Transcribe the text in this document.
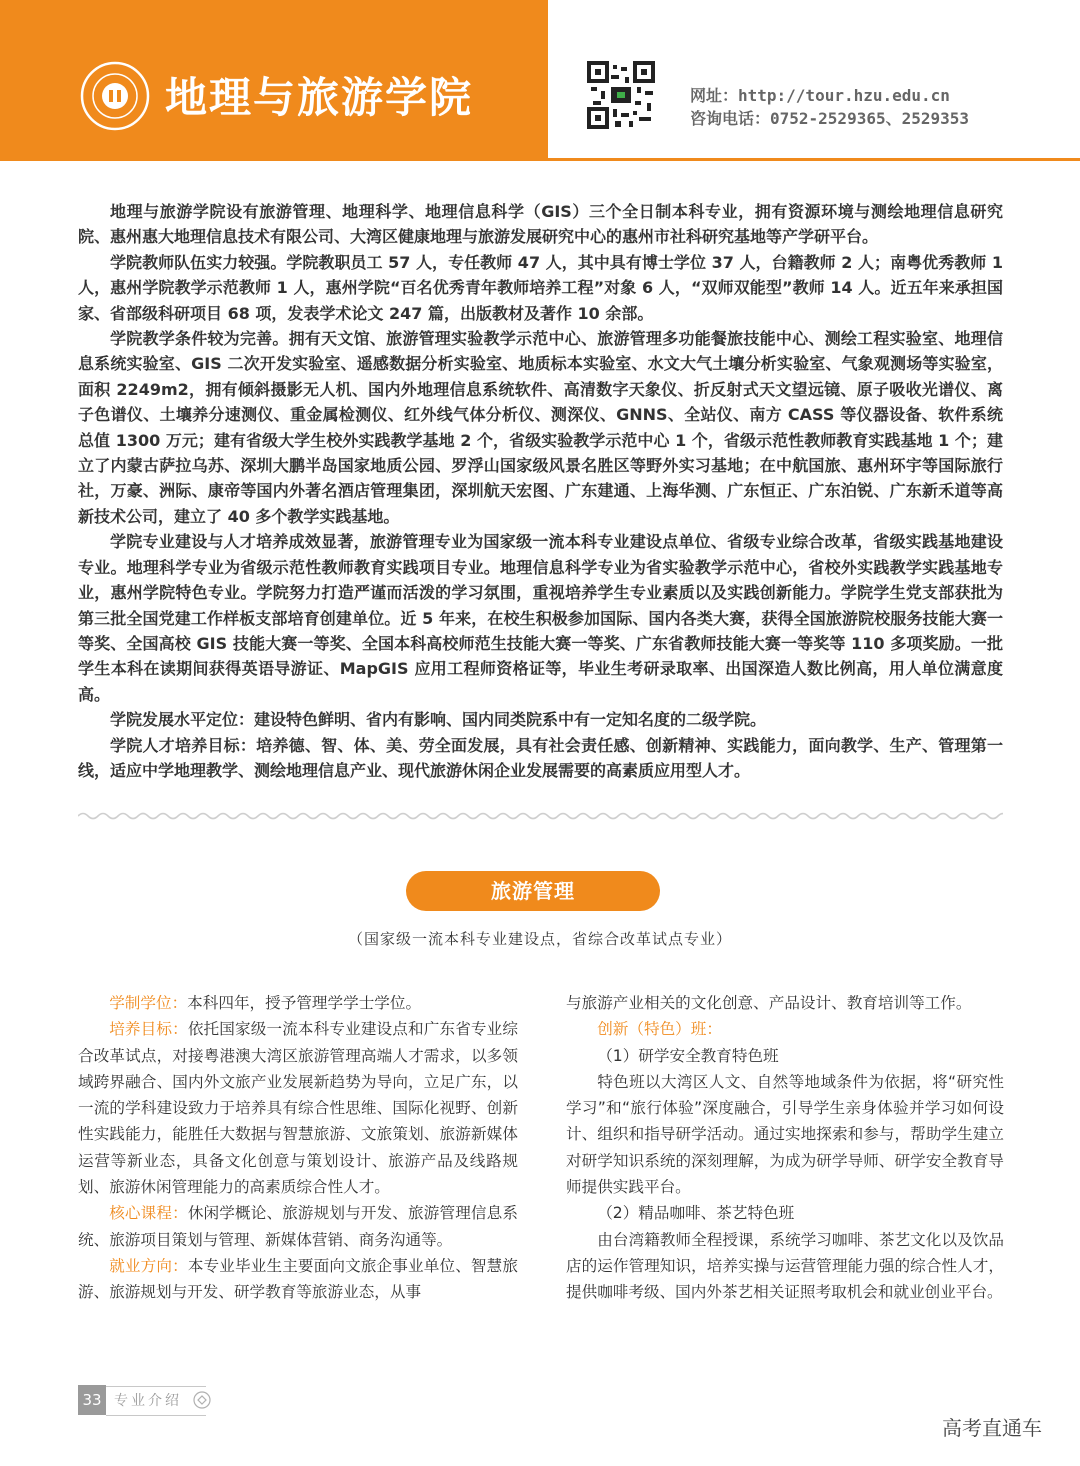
地理与旅游学院	网址：http://tour.hzu.edu.cn
咨询电话：0752-2529365、2529353

地理与旅游学院设有旅游管理、地理科学、地理信息科学（GIS）三个全日制本科专业，拥有资源环境与测绘地理信息研究院、惠州惠大地理信息技术有限公司、大湾区健康地理与旅游发展研究中心的惠州市社科研究基地等产学研平台。

学院教师队伍实力较强。学院教职员工 57 人，专任教师 47 人，其中具有博士学位 37 人，台籍教师 2 人；南粤优秀教师 1 人，惠州学院教学示范教师 1 人，惠州学院“百名优秀青年教师培养工程”对象 6 人，“双师双能型”教师 14 人。近五年来承担国家、省部级科研项目 68 项，发表学术论文 247 篇，出版教材及著作 10 余部。

学院教学条件较为完善。拥有天文馆、旅游管理实验教学示范中心、旅游管理多功能餐旅技能中心、测绘工程实验室、地理信息系统实验室、GIS 二次开发实验室、遥感数据分析实验室、地质标本实验室、水文大气土壤分析实验室、气象观测场等实验室，面积 2249m2，拥有倾斜摄影无人机、国内外地理信息系统软件、高清数字天象仪、折反射式天文望远镜、原子吸收光谱仪、离子色谱仪、土壤养分速测仪、重金属检测仪、红外线气体分析仪、测深仪、GNNS、全站仪、南方 CASS 等仪器设备、软件系统总值 1300 万元；建有省级大学生校外实践教学基地 2 个，省级实验教学示范中心 1 个，省级示范性教师教育实践基地 1 个；建立了内蒙古萨拉乌苏、深圳大鹏半岛国家地质公园、罗浮山国家级风景名胜区等野外实习基地；在中航国旅、惠州环宇等国际旅行社，万豪、洲际、康帝等国内外著名酒店管理集团，深圳航天宏图、广东建通、上海华测、广东恒正、广东泊锐、广东新禾道等高新技术公司，建立了 40 多个教学实践基地。

学院专业建设与人才培养成效显著，旅游管理专业为国家级一流本科专业建设点单位、省级专业综合改革，省级实践基地建设专业。地理科学专业为省级示范性教师教育实践项目专业。地理信息科学专业为省实验教学示范中心，省校外实践教学实践基地专业，惠州学院特色专业。学院努力打造严谨而活泼的学习氛围，重视培养学生专业素质以及实践创新能力。学院学生党支部获批为第三批全国党建工作样板支部培育创建单位。近 5 年来，在校生积极参加国际、国内各类大赛，获得全国旅游院校服务技能大赛一等奖、全国高校 GIS 技能大赛一等奖、全国本科高校师范生技能大赛一等奖、广东省教师技能大赛一等奖等 110 多项奖励。一批学生本科在读期间获得英语导游证、MapGIS 应用工程师资格证等，毕业生考研录取率、出国深造人数比例高，用人单位满意度高。

学院发展水平定位：建设特色鲜明、省内有影响、国内同类院系中有一定知名度的二级学院。

学院人才培养目标：培养德、智、体、美、劳全面发展，具有社会责任感、创新精神、实践能力，面向教学、生产、管理第一线，适应中学地理教学、测绘地理信息产业、现代旅游休闲企业发展需要的高素质应用型人才。

旅游管理
（国家级一流本科专业建设点，省综合改革试点专业）

学制学位：本科四年，授予管理学学士学位。

培养目标：依托国家级一流本科专业建设点和广东省专业综合改革试点，对接粤港澳大湾区旅游管理高端人才需求，以多领域跨界融合、国内外文旅产业发展新趋势为导向，立足广东，以一流的学科建设致力于培养具有综合性思维、国际化视野、创新性实践能力，能胜任大数据与智慧旅游、文旅策划、旅游新媒体运营等新业态，具备文化创意与策划设计、旅游产品及线路规划、旅游休闲管理能力的高素质综合性人才。

核心课程：休闲学概论、旅游规划与开发、旅游管理信息系统、旅游项目策划与管理、新媒体营销、商务沟通等。

就业方向：本专业毕业生主要面向文旅企事业单位、智慧旅游、旅游规划与开发、研学教育等旅游业态，从事

与旅游产业相关的文化创意、产品设计、教育培训等工作。

创新（特色）班：

（1）研学安全教育特色班

特色班以大湾区人文、自然等地域条件为依据，将“研究性学习”和“旅行体验”深度融合，引导学生亲身体验并学习如何设计、组织和指导研学活动。通过实地探索和参与，帮助学生建立对研学知识系统的深刻理解，为成为研学导师、研学安全教育导师提供实践平台。

（2）精品咖啡、茶艺特色班

由台湾籍教师全程授课，系统学习咖啡、茶艺文化以及饮品店的运作管理知识，培养实操与运营管理能力强的综合性人才，提供咖啡考级、国内外茶艺相关证照考取机会和就业创业平台。

33 专业介绍
高考直通车
